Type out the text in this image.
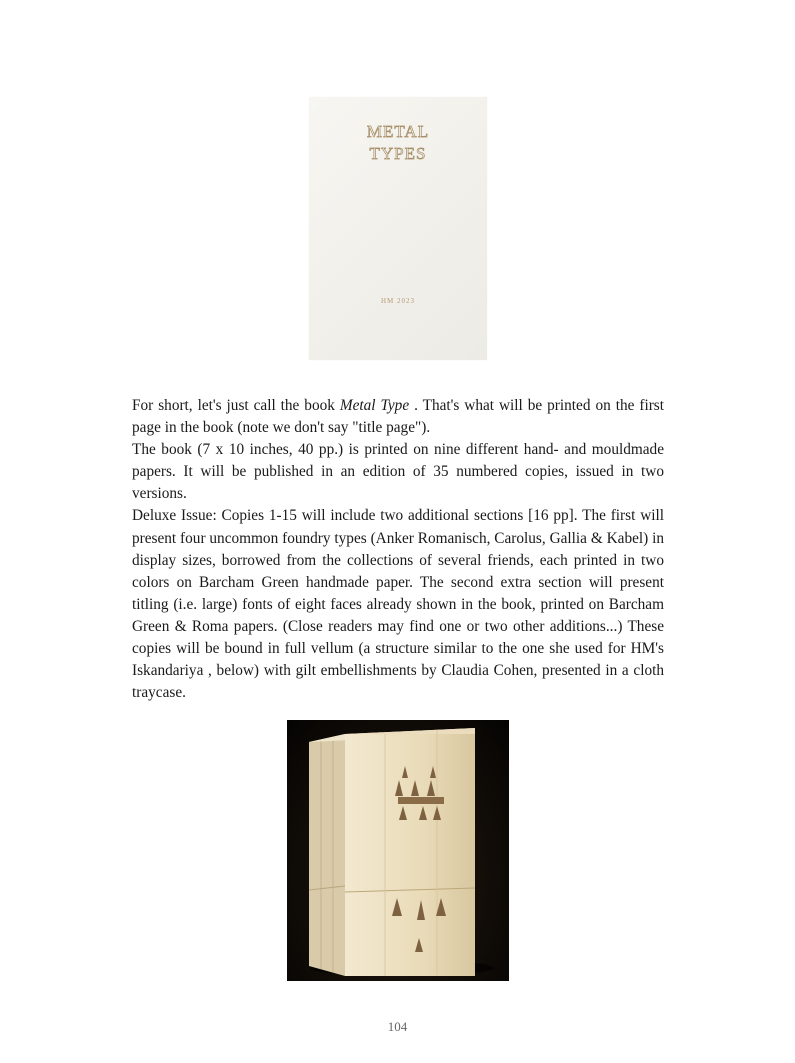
METAL
TYPES
HM 2023

For short, let's just call the book Metal Type . That's what will be printed on the first page in the book (note we don't say "title page").

The book (7 x 10 inches, 40 pp.) is printed on nine different hand- and mouldmade papers. It will be published in an edition of 35 numbered copies, issued in two versions.

Deluxe Issue: Copies 1-15 will include two additional sections [16 pp]. The first will present four uncommon foundry types (Anker Romanisch, Carolus, Gallia & Kabel) in display sizes, borrowed from the collections of several friends, each printed in two colors on Barcham Green handmade paper. The second extra section will present titling (i.e. large) fonts of eight faces already shown in the book, printed on Barcham Green & Roma papers. (Close readers may find one or two other additions...) These copies will be bound in full vellum (a structure similar to the one she used for HM's Iskandariya , below) with gilt embellishments by Claudia Cohen, presented in a cloth traycase.

104
